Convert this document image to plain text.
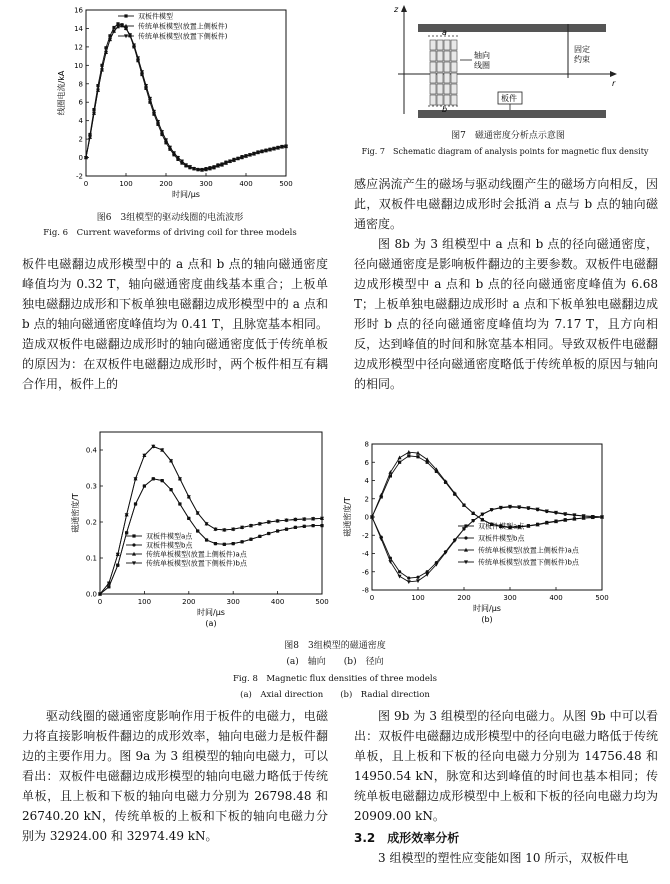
0	100	200	300	400	500
-2
0
2
4
6
8
10
12
14
16
时间/μs
线圈电流/kA
双板件模型
传统单板模型(放置上侧板件)
传统单板模型(放置下侧板件)
图6　3组模型的驱动线圈的电流波形
Fig. 6　Current waveforms of driving coil for three models
z
r
固定
约束
a
b
轴向
线圈
板件
图7　磁通密度分析点示意图
Fig. 7　Schematic diagram of analysis points for magnetic flux density

感应涡流产生的磁场与驱动线圈产生的磁场方向相反，因此，双板件电磁翻边成形时会抵消 a 点与 b 点的轴向磁通密度。

图 8b 为 3 组模型中 a 点和 b 点的径向磁通密度，径向磁通密度是影响板件翻边的主要参数。双板件电磁翻边成形模型中 a 点和 b 点的径向磁通密度峰值为 6.68 T；上板单独电磁翻边成形时 a 点和下板单独电磁翻边成形时 b 点的径向磁通密度峰值均为 7.17 T，且方向相反，达到峰值的时间和脉宽基本相同。导致双板件电磁翻边成形模型中径向磁通密度略低于传统单板的原因与轴向的相同。

板件电磁翻边成形模型中的 a 点和 b 点的轴向磁通密度峰值均为 0.32 T，轴向磁通密度曲线基本重合；上板单独电磁翻边成形和下板单独电磁翻边成形模型中的 a 点和 b 点的轴向磁通密度峰值均为 0.41 T，且脉宽基本相同。造成双板件电磁翻边成形时的轴向磁通密度低于传统单板的原因为：在双板件电磁翻边成形时，两个板件相互有耦合作用，板件上的

0	100	200	300	400	500
0.0
0.1
0.2
0.3
0.4
时间/μs
磁通密度/T
双板件模型a点
双板件模型b点
传统单板模型(放置上侧板件)a点
传统单板模型(放置下侧板件)b点
(a)
0	100	200	300	400	500
-8
-6
-4
-2
0
2
4
6
8
时间/μs
磁通密度/T	双板件模型a点
双板件模型b点
传统单板模型(放置上侧板件)a点
传统单板模型(放置下侧板件)b点
(b)
图8　3组模型的磁通密度
(a)　轴向　　(b)　径向
Fig. 8　Magnetic flux densities of three models
(a)　Axial direction　　(b)　Radial direction

驱动线圈的磁通密度影响作用于板件的电磁力，电磁力将直接影响板件翻边的成形效率，轴向电磁力是板件翻边的主要作用力。图 9a 为 3 组模型的轴向电磁力，可以看出：双板件电磁翻边成形模型的轴向电磁力略低于传统单板，且上板和下板的轴向电磁力分别为 26798.48 和 26740.20 kN，传统单板的上板和下板的轴向电磁力分别为 32924.00 和 32974.49 kN。

图 9b 为 3 组模型的径向电磁力。从图 9b 中可以看出：双板件电磁翻边成形模型中的径向电磁力略低于传统单板，且上板和下板的径向电磁力分别为 14756.48 和 14950.54 kN，脉宽和达到峰值的时间也基本相同；传统单板电磁翻边成形模型中上板和下板的径向电磁力均为 20909.00 kN。

3.2　成形效率分析

3 组模型的塑性应变能如图 10 所示，双板件电
